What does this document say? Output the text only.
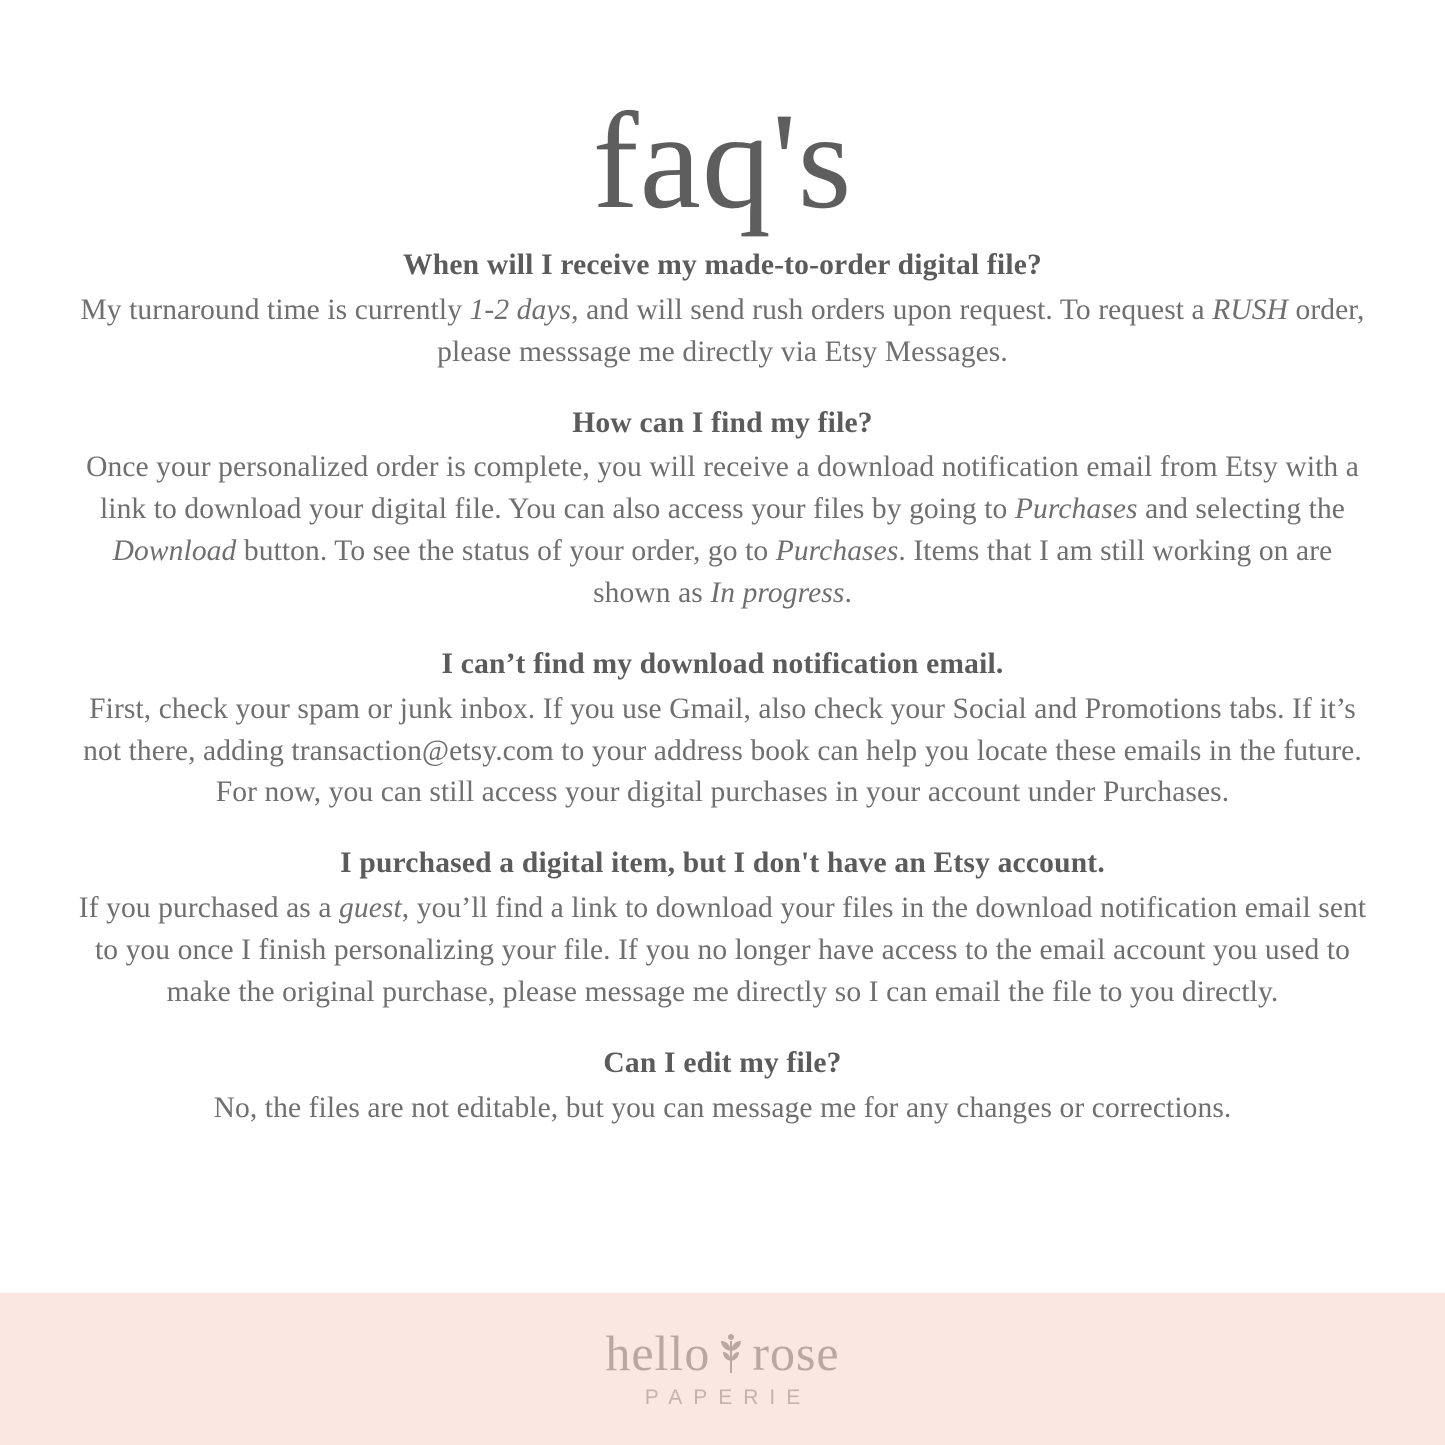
faq's
When will I receive my made-to-order digital file?
My turnaround time is currently 1-2 days, and will send rush orders upon request. To request a RUSH order, please messsage me directly via Etsy Messages.
How can I find my file?
Once your personalized order is complete, you will receive a download notification email from Etsy with a link to download your digital file. You can also access your files by going to Purchases and selecting the Download button. To see the status of your order, go to Purchases. Items that I am still working on are shown as In progress.
I can’t find my download notification email.
First, check your spam or junk inbox. If you use Gmail, also check your Social and Promotions tabs. If it’s not there, adding transaction@etsy.com to your address book can help you locate these emails in the future. For now, you can still access your digital purchases in your account under Purchases.
I purchased a digital item, but I don't have an Etsy account.
If you purchased as a guest, you’ll find a link to download your files in the download notification email sent to you once I finish personalizing your file. If you no longer have access to the email account you used to make the original purchase, please message me directly so I can email the file to you directly.
Can I edit my file?
No, the files are not editable, but you can message me for any changes or corrections.
hello rose
PAPERIE
